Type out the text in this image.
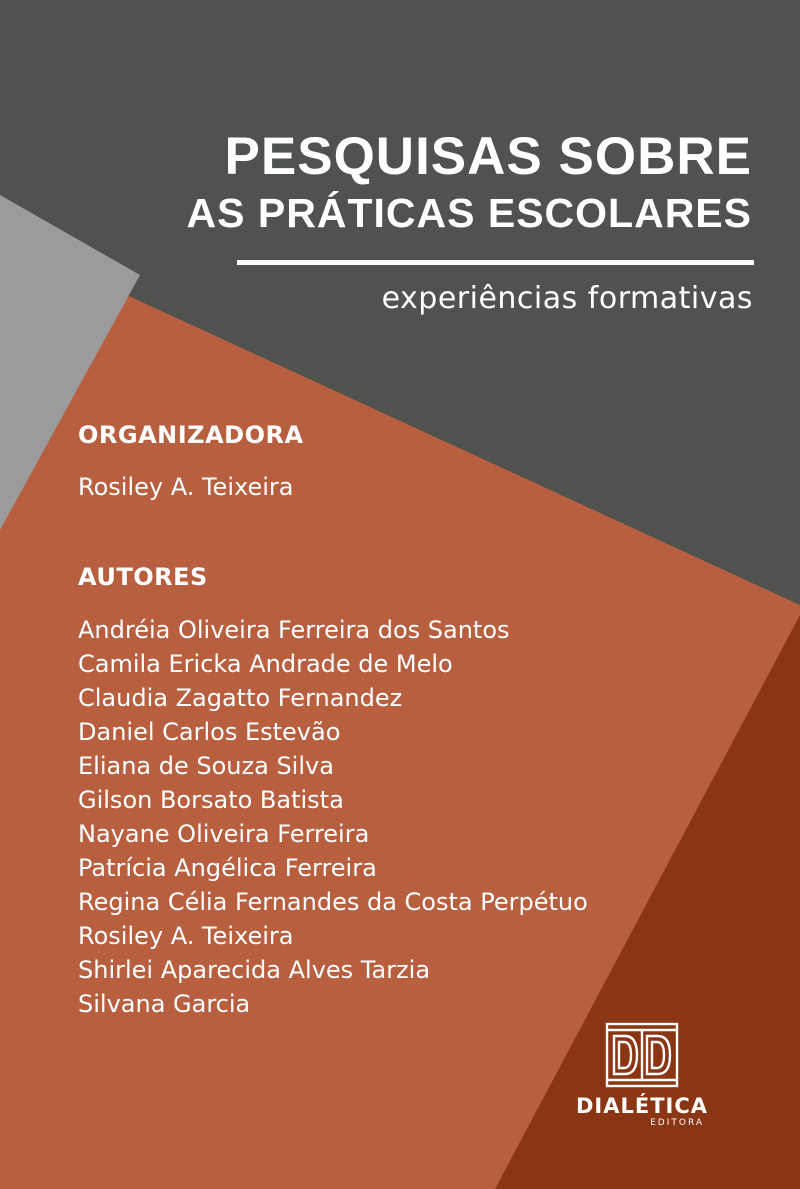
PESQUISAS SOBRE
AS PRÁTICAS ESCOLARES
experiências formativas
ORGANIZADORA
Rosiley A. Teixeira
AUTORES
Andréia Oliveira Ferreira dos Santos
Camila Ericka Andrade de Melo
Claudia Zagatto Fernandez
Daniel Carlos Estevão
Eliana de Souza Silva
Gilson Borsato Batista
Nayane Oliveira Ferreira
Patrícia Angélica Ferreira
Regina Célia Fernandes da Costa Perpétuo
Rosiley A. Teixeira
Shirlei Aparecida Alves Tarzia
Silvana Garcia
DIALÉTICA
EDITORA
